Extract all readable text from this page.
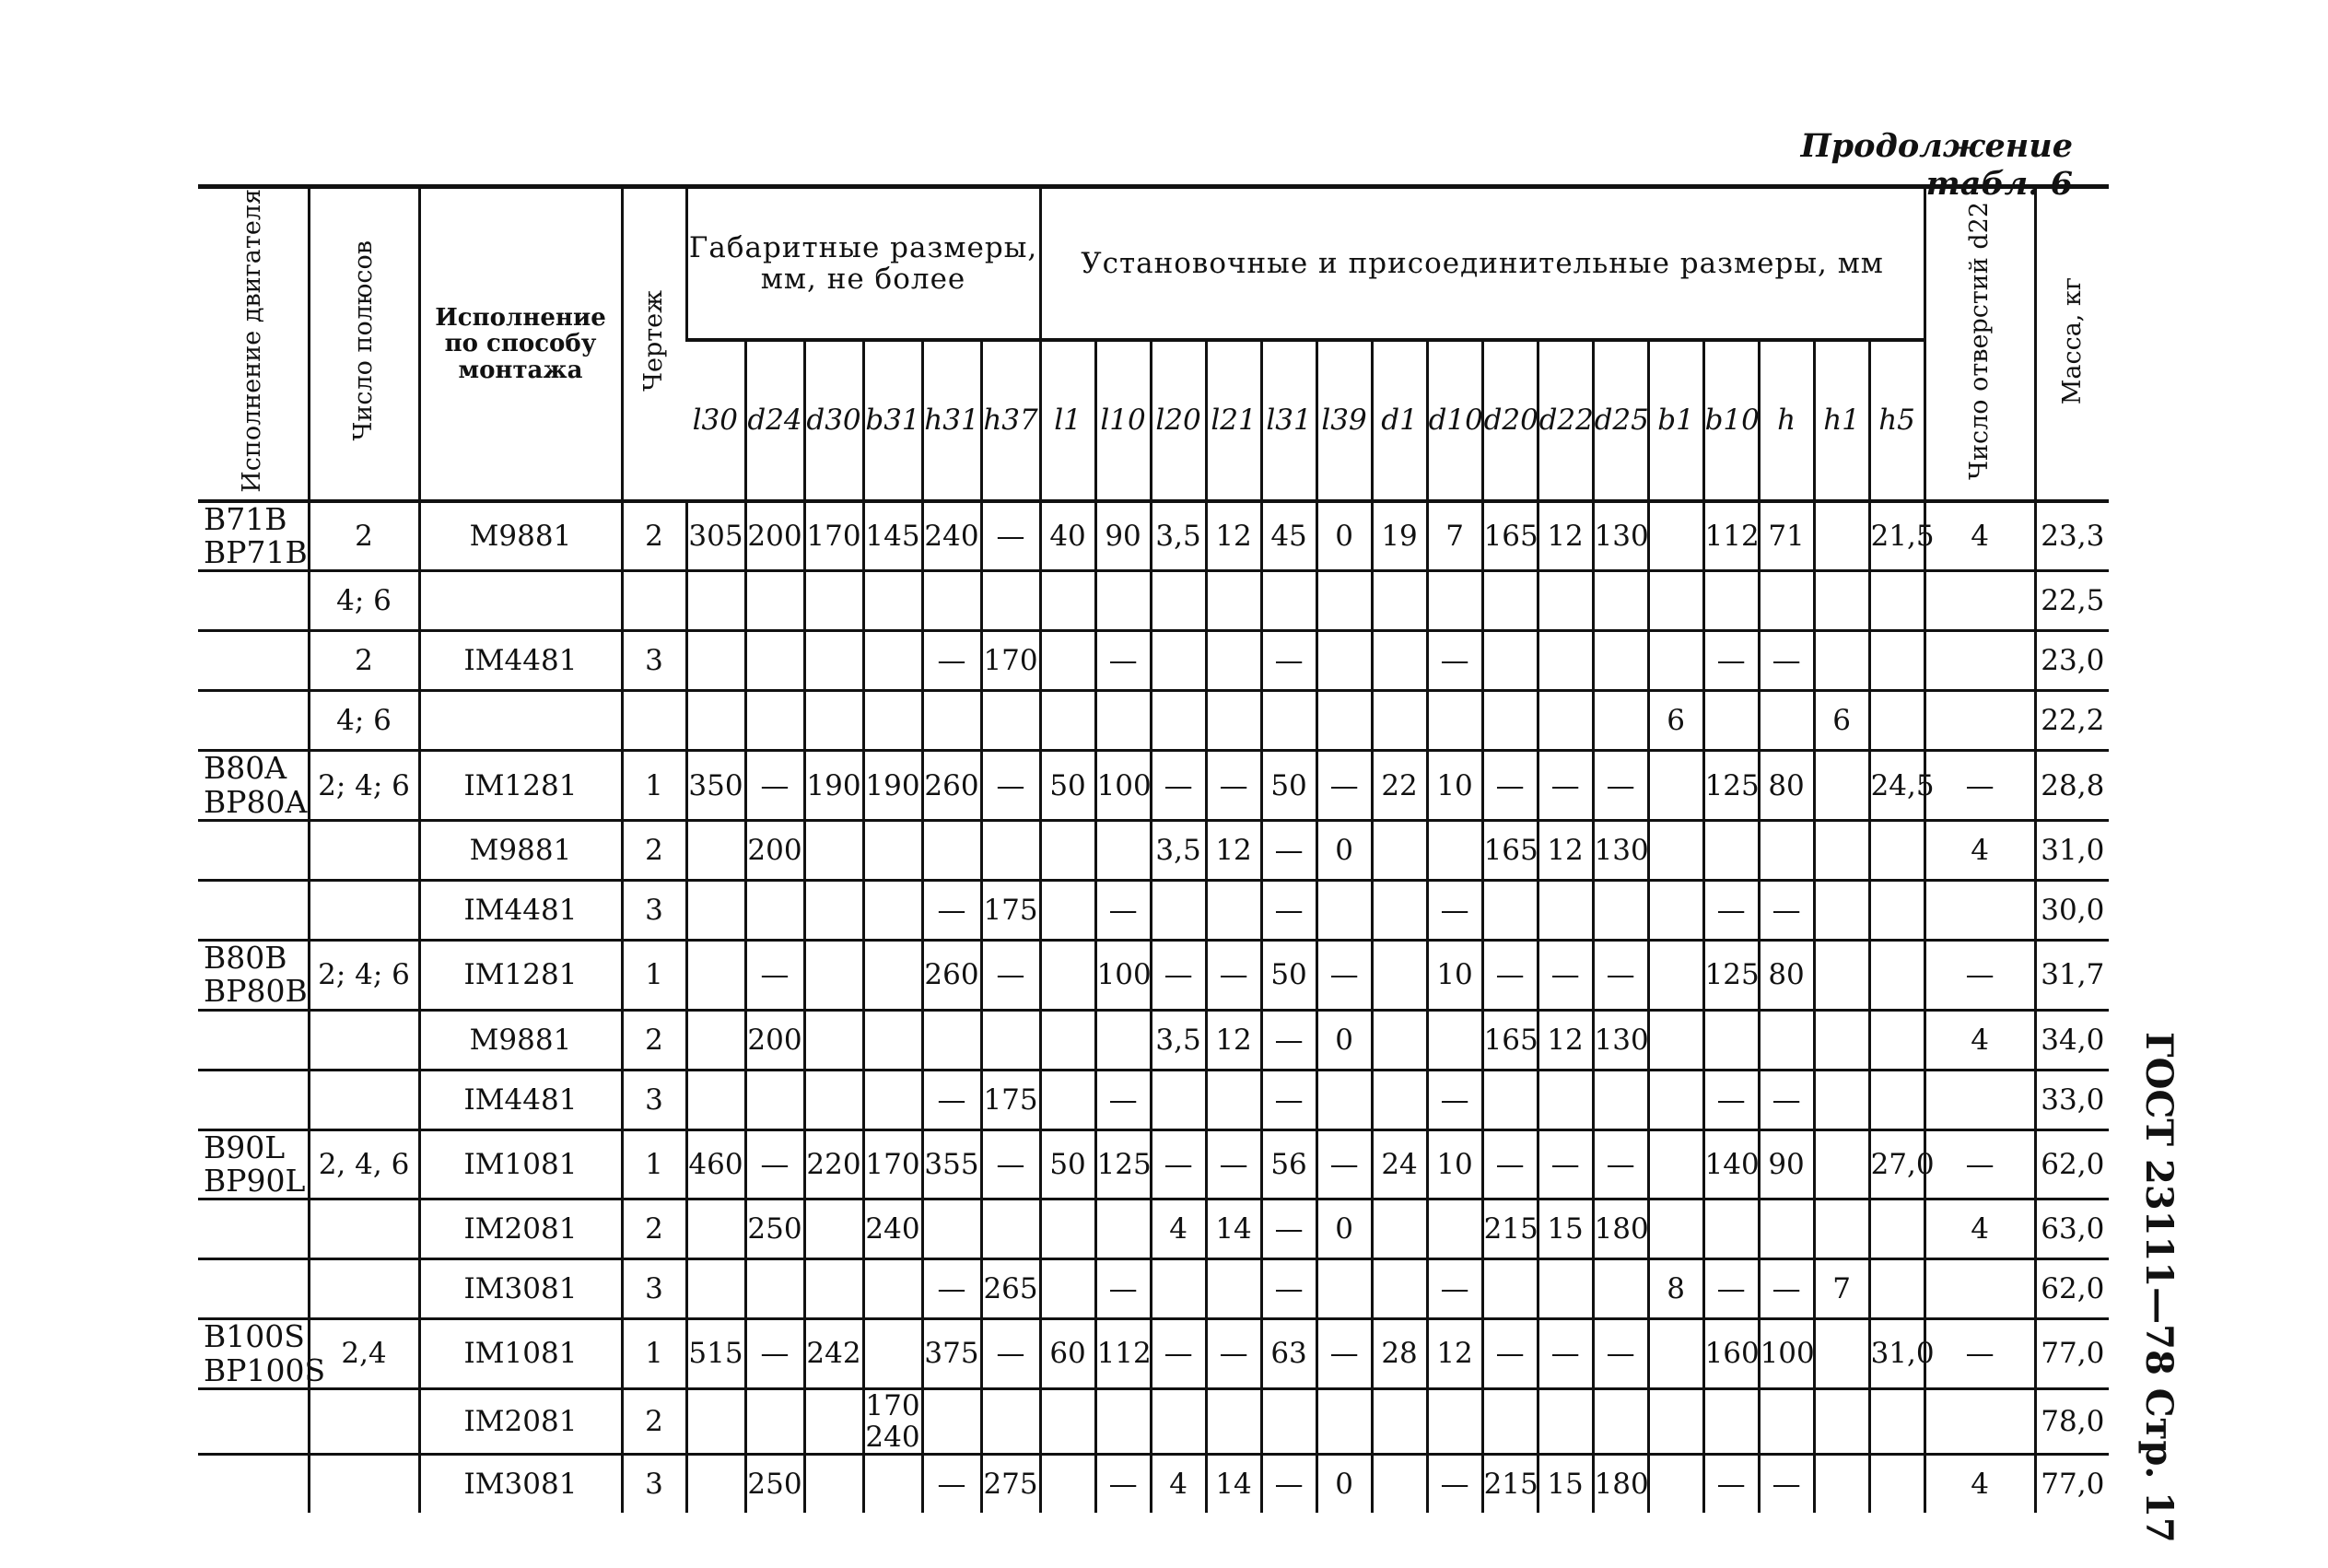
Продолжение табл. 6
Исполнение двигателя	Число полюсов	Исполнение по способу монтажа	Чертеж	Габаритные размеры, мм, не более						Установочные и присоединительные размеры, мм																Число отверстий d22	Масса, кг
				l30	d24	d30	b31	h31	h37	l1	l10	l20	l21	l31	l39	d1	d10	d20	d22	d25	b1	b10	h	h1	h5		
B71B BP71B	2	M9881	2	305	200	170	145	240	—	40	90	3,5	12	45	0	19	7	165	12	130		112	71		21,5	4	23,3
	4; 6																										22,5
	2	IM4481	3					—	170		—			—			—					—	—				23,0
	4; 6																				6			6			22,2
B80A BP80A	2; 4; 6	IM1281	1	350	—	190	190	260	—	50	100	—	—	50	—	22	10	—	—	—		125	80		24,5	—	28,8
		M9881	2		200							3,5	12	—	0			165	12	130						4	31,0
		IM4481	3					—	175		—			—			—					—	—				30,0
B80B BP80B	2; 4; 6	IM1281	1		—			260	—		100	—	—	50	—		10	—	—	—		125	80			—	31,7
		M9881	2		200							3,5	12	—	0			165	12	130						4	34,0
		IM4481	3					—	175		—			—			—					—	—				33,0
B90L BP90L	2, 4, 6	IM1081	1	460	—	220	170	355	—	50	125	—	—	56	—	24	10	—	—	—		140	90		27,0	—	62,0
		IM2081	2		250		240					4	14	—	0			215	15	180						4	63,0
		IM3081	3					—	265		—			—			—				8	—	—	7			62,0
B100S BP100S	2,4	IM1081	1	515	—	242		375	—	60	112	—	—	63	—	28	12	—	—	—		160	100		31,0	—	77,0
		IM2081	2				170 240																				78,0
		IM3081	3		250			—	275		—	4	14	—	0		—	215	15	180		—	—			4	77,0 ГОСТ 23111—78 Стр. 17
